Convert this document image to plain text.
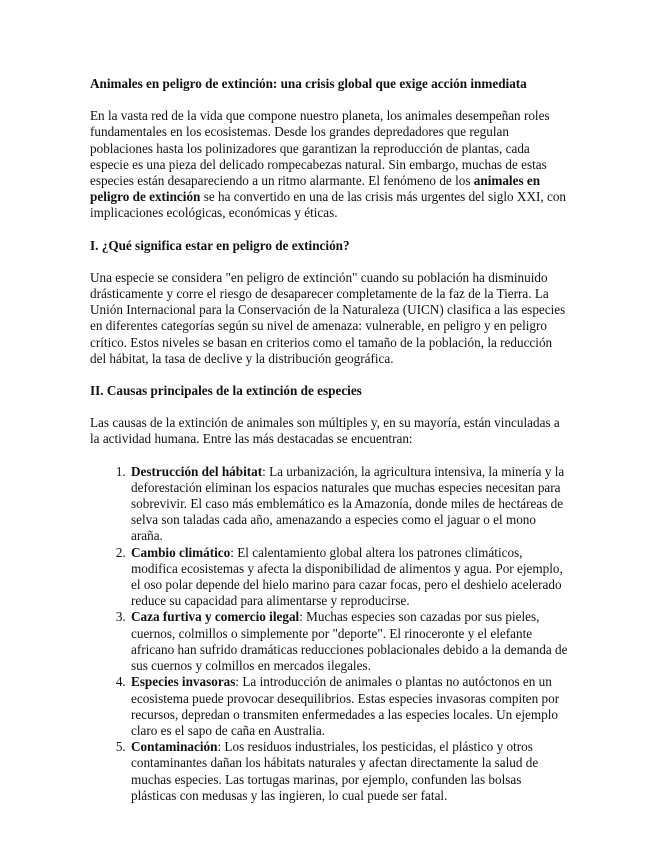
Animales en peligro de extinción: una crisis global que exige acción inmediata

En la vasta red de la vida que compone nuestro planeta, los animales desempeñan roles fundamentales en los ecosistemas. Desde los grandes depredadores que regulan poblaciones hasta los polinizadores que garantizan la reproducción de plantas, cada especie es una pieza del delicado rompecabezas natural. Sin embargo, muchas de estas especies están desapareciendo a un ritmo alarmante. El fenómeno de los animales en peligro de extinción se ha convertido en una de las crisis más urgentes del siglo XXI, con implicaciones ecológicas, económicas y éticas.

I. ¿Qué significa estar en peligro de extinción?

Una especie se considera "en peligro de extinción" cuando su población ha disminuido drásticamente y corre el riesgo de desaparecer completamente de la faz de la Tierra. La Unión Internacional para la Conservación de la Naturaleza (UICN) clasifica a las especies en diferentes categorías según su nivel de amenaza: vulnerable, en peligro y en peligro crítico. Estos niveles se basan en criterios como el tamaño de la población, la reducción del hábitat, la tasa de declive y la distribución geográfica.

II. Causas principales de la extinción de especies

Las causas de la extinción de animales son múltiples y, en su mayoría, están vinculadas a la actividad humana. Entre las más destacadas se encuentran:

1. Destrucción del hábitat: La urbanización, la agricultura intensiva, la minería y la deforestación eliminan los espacios naturales que muchas especies necesitan para sobrevivir. El caso más emblemático es la Amazonía, donde miles de hectáreas de selva son taladas cada año, amenazando a especies como el jaguar o el mono araña.
2. Cambio climático: El calentamiento global altera los patrones climáticos, modifica ecosistemas y afecta la disponibilidad de alimentos y agua. Por ejemplo, el oso polar depende del hielo marino para cazar focas, pero el deshielo acelerado reduce su capacidad para alimentarse y reproducirse.
3. Caza furtiva y comercio ilegal: Muchas especies son cazadas por sus pieles, cuernos, colmillos o simplemente por "deporte". El rinoceronte y el elefante africano han sufrido dramáticas reducciones poblacionales debido a la demanda de sus cuernos y colmillos en mercados ilegales.
4. Especies invasoras: La introducción de animales o plantas no autóctonos en un ecosistema puede provocar desequilibrios. Estas especies invasoras compiten por recursos, depredan o transmiten enfermedades a las especies locales. Un ejemplo claro es el sapo de caña en Australia.
5. Contaminación: Los residuos industriales, los pesticidas, el plástico y otros contaminantes dañan los hábitats naturales y afectan directamente la salud de muchas especies. Las tortugas marinas, por ejemplo, confunden las bolsas plásticas con medusas y las ingieren, lo cual puede ser fatal.
